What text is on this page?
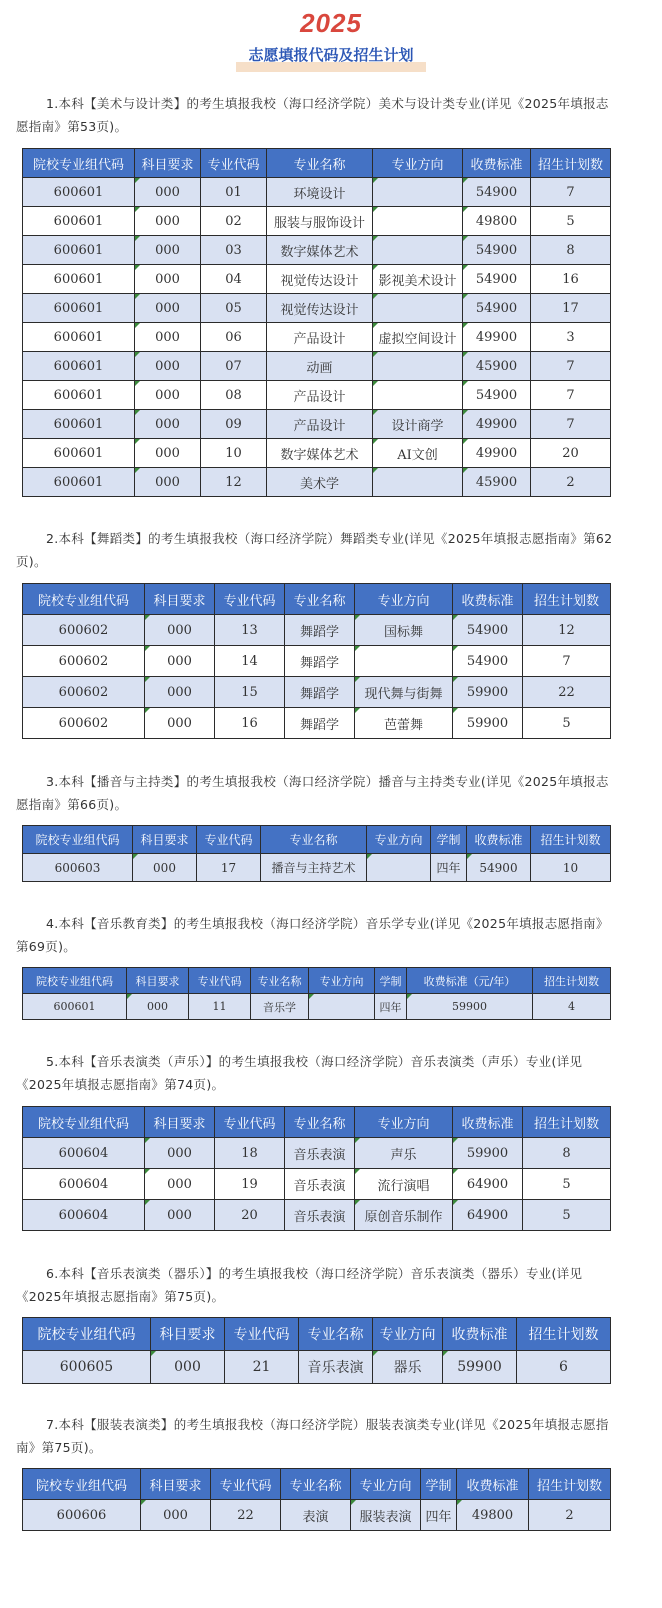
2025
志愿填报代码及招生计划

1.本科【美术与设计类】的考生填报我校（海口经济学院）美术与设计类专业(详见《2025年填报志愿指南》第53页)。

院校专业组代码	科目要求	专业代码	专业名称	专业方向	收费标准	招生计划数
600601	000	01	环境设计		54900	7
600601	000	02	服装与服饰设计		49800	5
600601	000	03	数字媒体艺术		54900	8
600601	000	04	视觉传达设计	影视美术设计	54900	16
600601	000	05	视觉传达设计		54900	17
600601	000	06	产品设计	虚拟空间设计	49900	3
600601	000	07	动画		45900	7
600601	000	08	产品设计		54900	7
600601	000	09	产品设计	设计商学	49900	7
600601	000	10	数字媒体艺术	AI文创	49900	20
600601	000	12	美术学		45900	2

2.本科【舞蹈类】的考生填报我校（海口经济学院）舞蹈类专业(详见《2025年填报志愿指南》第62页)。

院校专业组代码	科目要求	专业代码	专业名称	专业方向	收费标准	招生计划数
600602	000	13	舞蹈学	国标舞	54900	12
600602	000	14	舞蹈学		54900	7
600602	000	15	舞蹈学	现代舞与街舞	59900	22
600602	000	16	舞蹈学	芭蕾舞	59900	5

3.本科【播音与主持类】的考生填报我校（海口经济学院）播音与主持类专业(详见《2025年填报志愿指南》第66页)。

院校专业组代码	科目要求	专业代码	专业名称	专业方向	学制	收费标准	招生计划数
600603	000	17	播音与主持艺术		四年	54900	10

4.本科【音乐教育类】的考生填报我校（海口经济学院）音乐学专业(详见《2025年填报志愿指南》第69页)。

院校专业组代码	科目要求	专业代码	专业名称	专业方向	学制	收费标准（元/年）	招生计划数
600601	000	11	音乐学		四年	59900	4

5.本科【音乐表演类（声乐）】的考生填报我校（海口经济学院）音乐表演类（声乐）专业(详见《2025年填报志愿指南》第74页)。

院校专业组代码	科目要求	专业代码	专业名称	专业方向	收费标准	招生计划数
600604	000	18	音乐表演	声乐	59900	8
600604	000	19	音乐表演	流行演唱	64900	5
600604	000	20	音乐表演	原创音乐制作	64900	5

6.本科【音乐表演类（器乐）】的考生填报我校（海口经济学院）音乐表演类（器乐）专业(详见《2025年填报志愿指南》第75页)。

院校专业组代码	科目要求	专业代码	专业名称	专业方向	收费标准	招生计划数
600605	000	21	音乐表演	器乐	59900	6

7.本科【服装表演类】的考生填报我校（海口经济学院）服装表演类专业(详见《2025年填报志愿指南》第75页)。

院校专业组代码	科目要求	专业代码	专业名称	专业方向	学制	收费标准	招生计划数
600606	000	22	表演	服装表演	四年	49800	2
